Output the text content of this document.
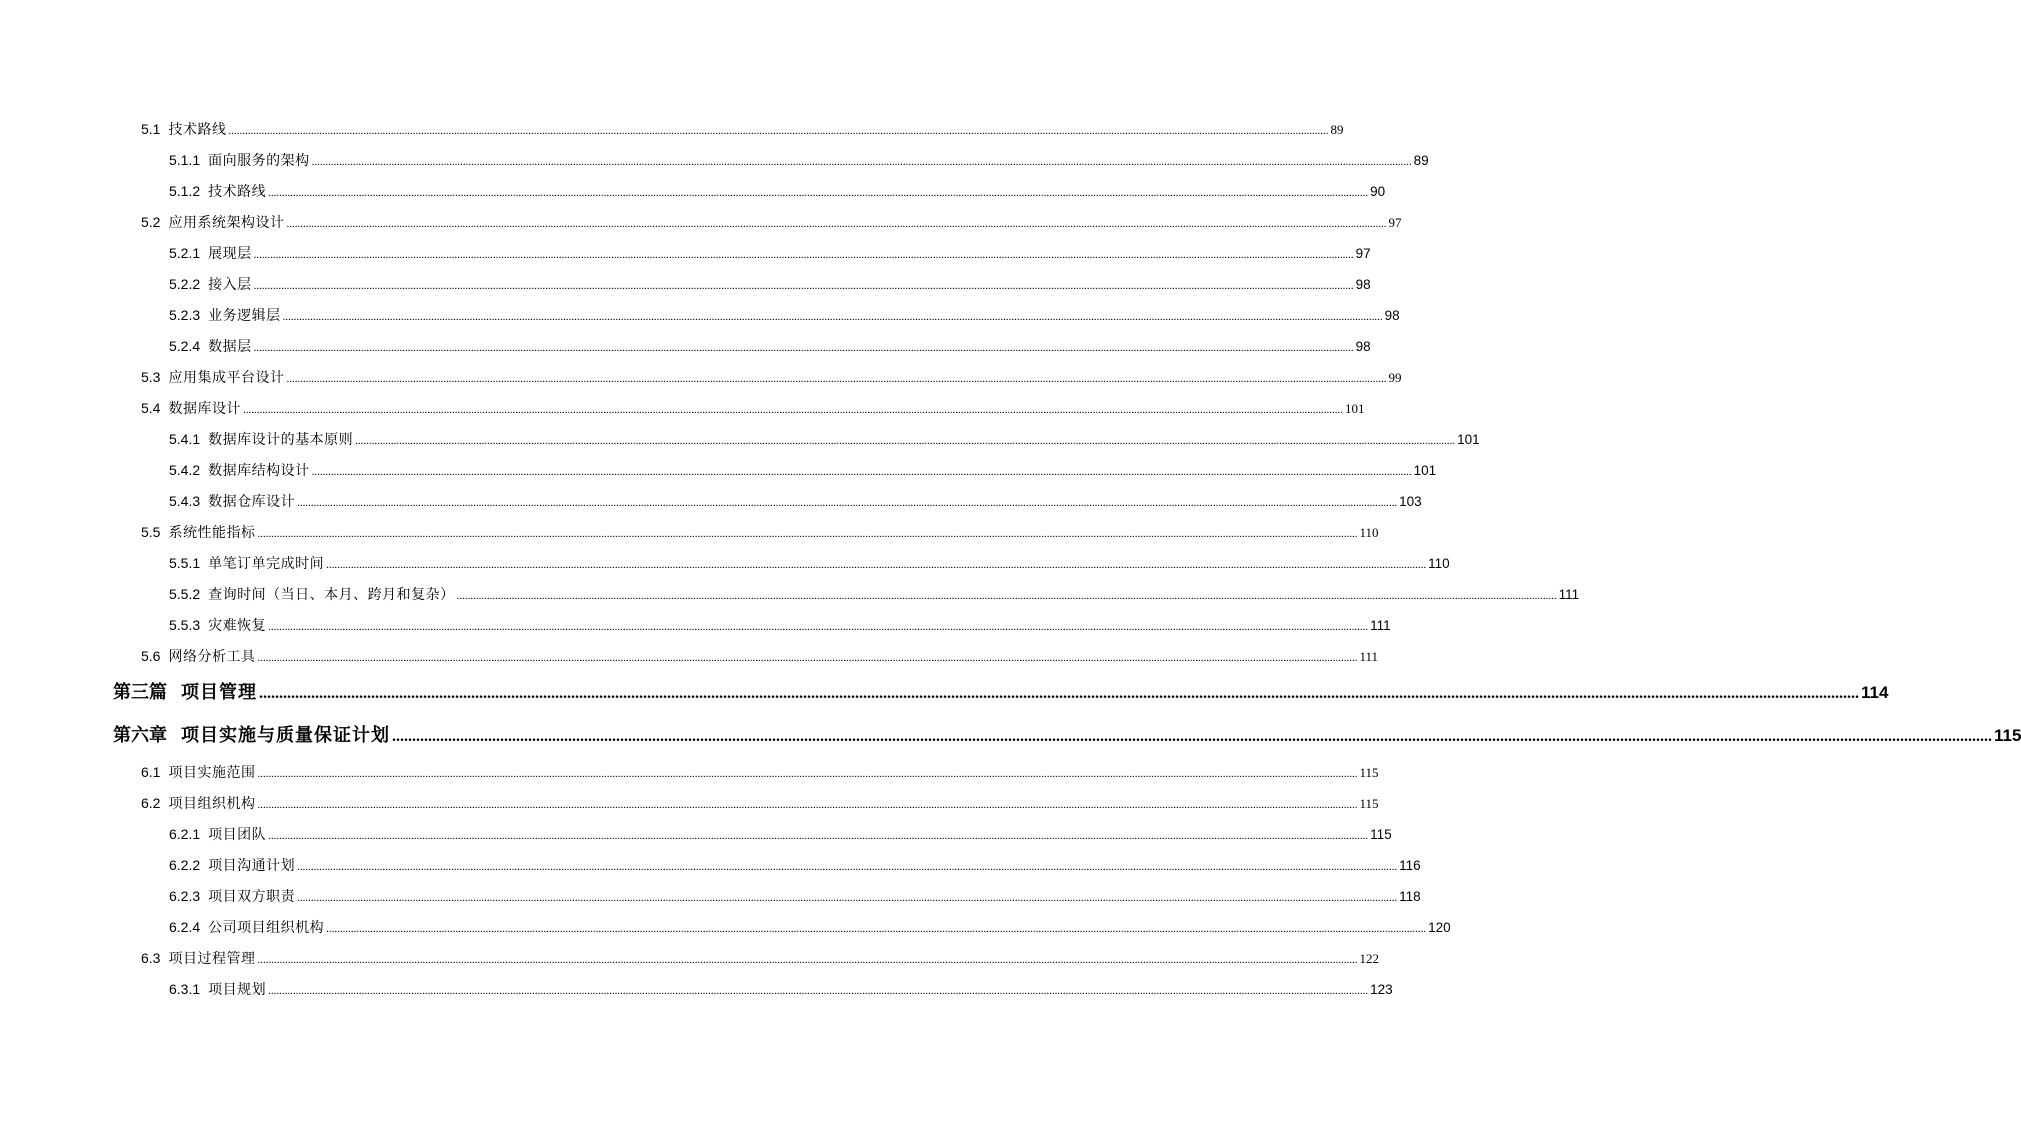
5.1 技术路线 ................................................................................................................................................................................................................................................................................................................................................................................................................ 89
5.1.1 面向服务的架构 ................................................................................................................................................................................................................................................................................................................................................................................................................ 89
5.1.2 技术路线 ................................................................................................................................................................................................................................................................................................................................................................................................................ 90
5.2 应用系统架构设计 ................................................................................................................................................................................................................................................................................................................................................................................................................ 97
5.2.1 展现层 ................................................................................................................................................................................................................................................................................................................................................................................................................ 97
5.2.2 接入层 ................................................................................................................................................................................................................................................................................................................................................................................................................ 98
5.2.3 业务逻辑层 ................................................................................................................................................................................................................................................................................................................................................................................................................ 98
5.2.4 数据层 ................................................................................................................................................................................................................................................................................................................................................................................................................ 98
5.3 应用集成平台设计 ................................................................................................................................................................................................................................................................................................................................................................................................................ 99
5.4 数据库设计 ................................................................................................................................................................................................................................................................................................................................................................................................................ 101
5.4.1 数据库设计的基本原则 ................................................................................................................................................................................................................................................................................................................................................................................................................ 101
5.4.2 数据库结构设计 ................................................................................................................................................................................................................................................................................................................................................................................................................ 101
5.4.3 数据仓库设计 ................................................................................................................................................................................................................................................................................................................................................................................................................ 103
5.5 系统性能指标 ................................................................................................................................................................................................................................................................................................................................................................................................................ 110
5.5.1 单笔订单完成时间 ................................................................................................................................................................................................................................................................................................................................................................................................................ 110
5.5.2 查询时间（当日、本月、跨月和复杂） ................................................................................................................................................................................................................................................................................................................................................................................................................ 111
5.5.3 灾难恢复 ................................................................................................................................................................................................................................................................................................................................................................................................................ 111
5.6 网络分析工具 ................................................................................................................................................................................................................................................................................................................................................................................................................ 111
第三篇 项目管理 ................................................................................................................................................................................................................................................................................................................................................................................................................ 114
第六章 项目实施与质量保证计划 ................................................................................................................................................................................................................................................................................................................................................................................................................ 115
6.1 项目实施范围 ................................................................................................................................................................................................................................................................................................................................................................................................................ 115
6.2 项目组织机构 ................................................................................................................................................................................................................................................................................................................................................................................................................ 115
6.2.1 项目团队 ................................................................................................................................................................................................................................................................................................................................................................................................................ 115
6.2.2 项目沟通计划 ................................................................................................................................................................................................................................................................................................................................................................................................................ 116
6.2.3 项目双方职责 ................................................................................................................................................................................................................................................................................................................................................................................................................ 118
6.2.4 公司项目组织机构 ................................................................................................................................................................................................................................................................................................................................................................................................................ 120
6.3 项目过程管理 ................................................................................................................................................................................................................................................................................................................................................................................................................ 122
6.3.1 项目规划 ................................................................................................................................................................................................................................................................................................................................................................................................................ 123
